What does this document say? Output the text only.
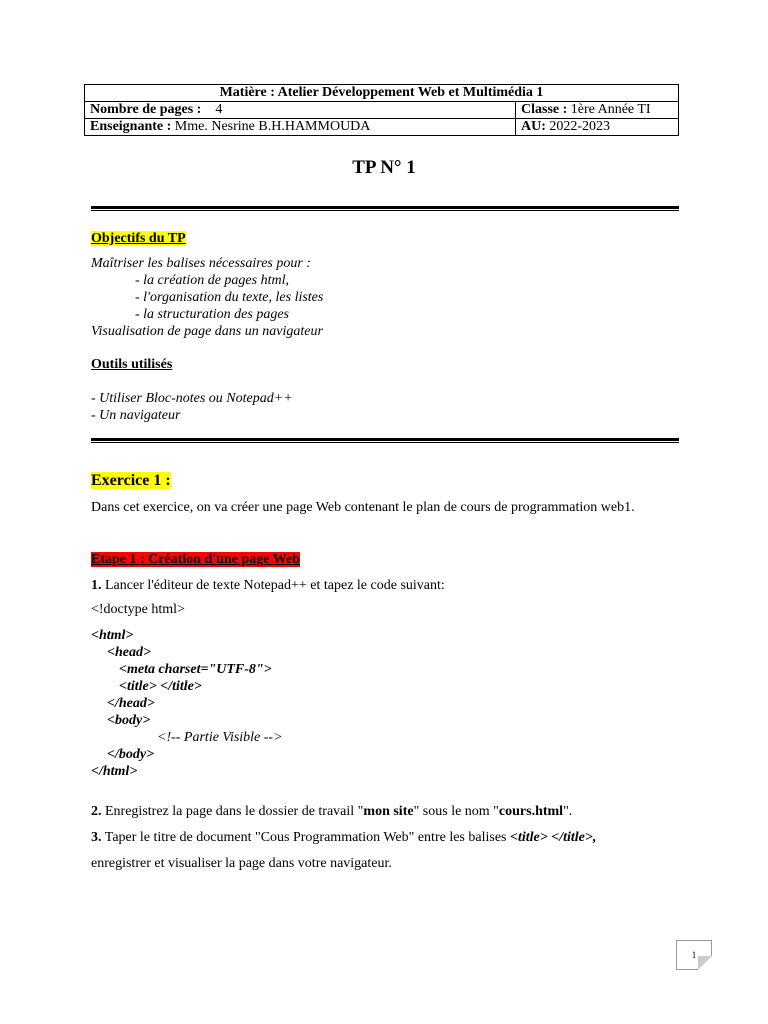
Matière : Atelier Développement Web et Multimédia 1	
Nombre de pages : 4	Classe : 1ère Année TI
Enseignante : Mme. Nesrine B.H.HAMMOUDA	AU: 2022-2023
TP N° 1
Objectifs du TP
Maîtriser les balises nécessaires pour :
- la création de pages html,
- l'organisation du texte, les listes
- la structuration des pages
Visualisation de page dans un navigateur
Outils utilisés
- Utiliser Bloc-notes ou Notepad++
- Un navigateur
Exercice 1 :
Dans cet exercice, on va créer une page Web contenant le plan de cours de programmation web1.
Etape 1 : Création d'une page Web
1. Lancer l'éditeur de texte Notepad++ et tapez le code suivant:
<!doctype html>
<html>
<head>
<meta charset="UTF-8">
<title> </title>
</head>
<body>
<!-- Partie Visible -->
</body>
</html>
2. Enregistrez la page dans le dossier de travail "mon site" sous le nom "cours.html".
3. Taper le titre de document "Cous Programmation Web" entre les balises <title> </title>,
enregistrer et visualiser la page dans votre navigateur.
1
